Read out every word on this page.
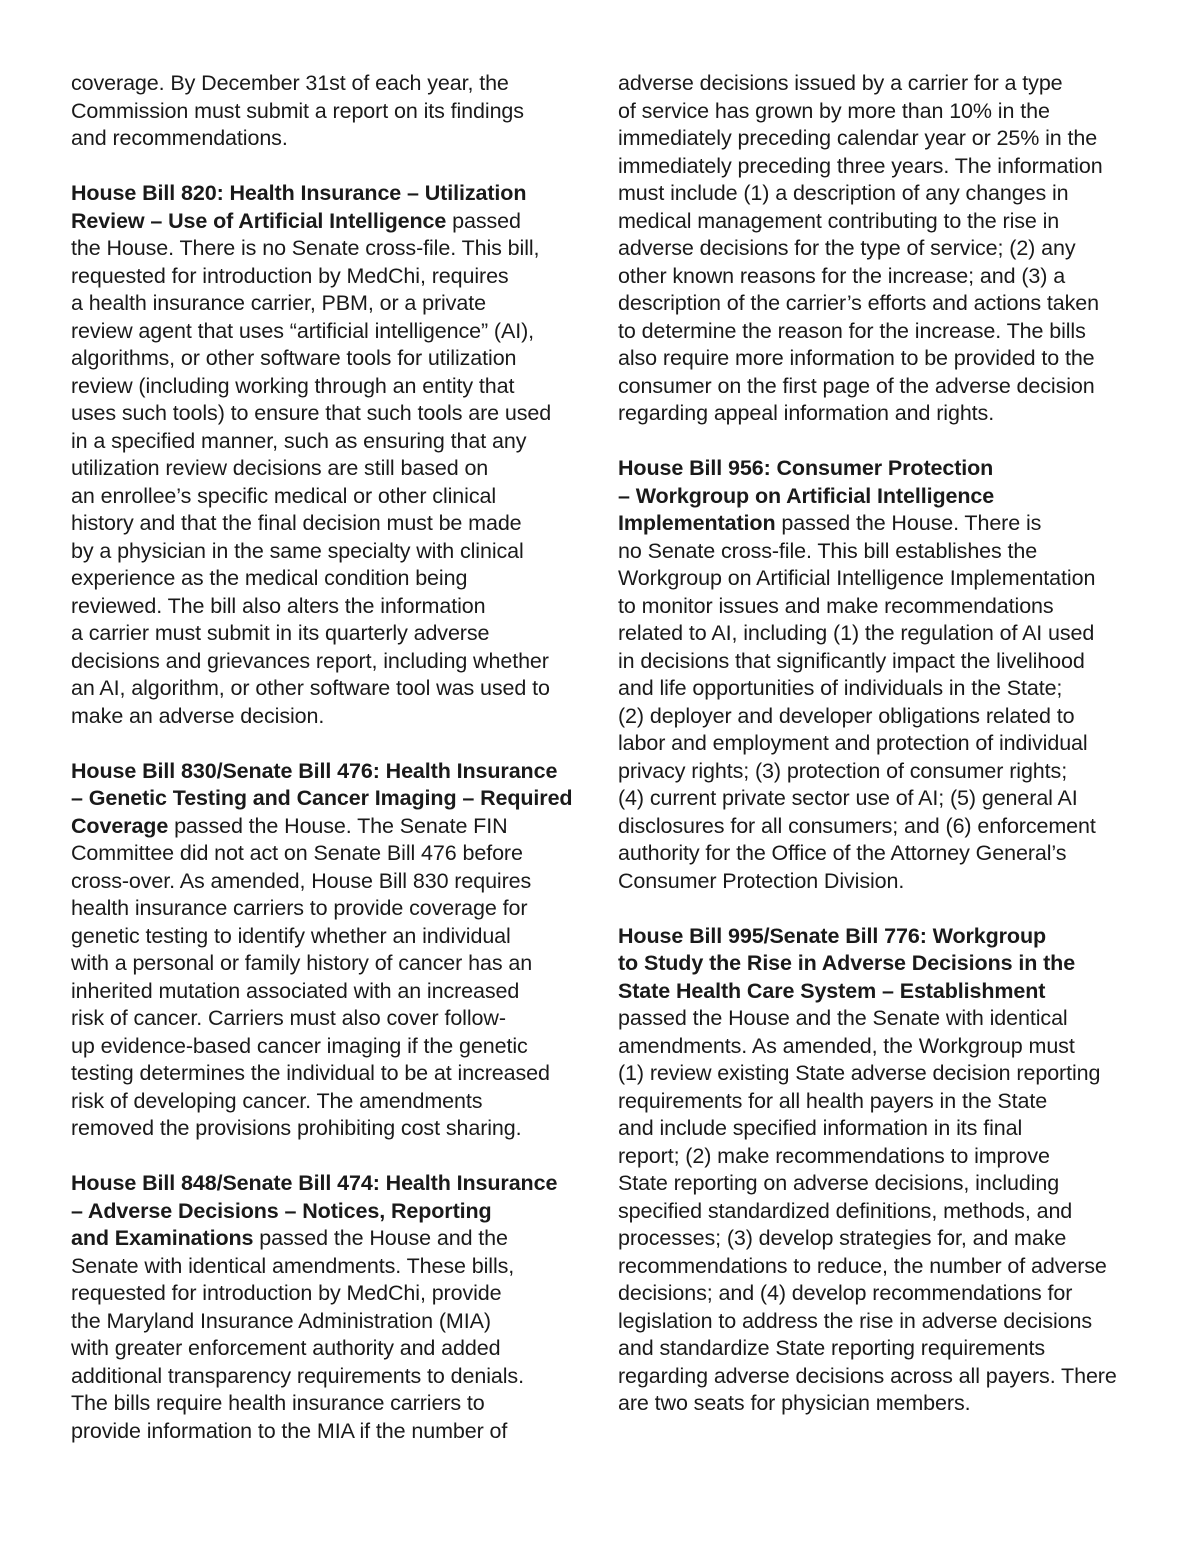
coverage. By December 31st of each year, the
Commission must submit a report on its findings
and recommendations.
House Bill 820: Health Insurance – Utilization
Review – Use of Artificial Intelligence passed
the House. There is no Senate cross-file. This bill,
requested for introduction by MedChi, requires
a health insurance carrier, PBM, or a private
review agent that uses “artificial intelligence” (AI),
algorithms, or other software tools for utilization
review (including working through an entity that
uses such tools) to ensure that such tools are used
in a specified manner, such as ensuring that any
utilization review decisions are still based on
an enrollee’s specific medical or other clinical
history and that the final decision must be made
by a physician in the same specialty with clinical
experience as the medical condition being
reviewed. The bill also alters the information
a carrier must submit in its quarterly adverse
decisions and grievances report, including whether
an AI, algorithm, or other software tool was used to
make an adverse decision.
House Bill 830/Senate Bill 476: Health Insurance
– Genetic Testing and Cancer Imaging – Required
Coverage passed the House. The Senate FIN
Committee did not act on Senate Bill 476 before
cross-over. As amended, House Bill 830 requires
health insurance carriers to provide coverage for
genetic testing to identify whether an individual
with a personal or family history of cancer has an
inherited mutation associated with an increased
risk of cancer. Carriers must also cover follow-
up evidence-based cancer imaging if the genetic
testing determines the individual to be at increased
risk of developing cancer. The amendments
removed the provisions prohibiting cost sharing.
House Bill 848/Senate Bill 474: Health Insurance
– Adverse Decisions – Notices, Reporting
and Examinations passed the House and the
Senate with identical amendments. These bills,
requested for introduction by MedChi, provide
the Maryland Insurance Administration (MIA)
with greater enforcement authority and added
additional transparency requirements to denials.
The bills require health insurance carriers to
provide information to the MIA if the number of
adverse decisions issued by a carrier for a type
of service has grown by more than 10% in the
immediately preceding calendar year or 25% in the
immediately preceding three years. The information
must include (1) a description of any changes in
medical management contributing to the rise in
adverse decisions for the type of service; (2) any
other known reasons for the increase; and (3) a
description of the carrier’s efforts and actions taken
to determine the reason for the increase. The bills
also require more information to be provided to the
consumer on the first page of the adverse decision
regarding appeal information and rights.
House Bill 956: Consumer Protection
– Workgroup on Artificial Intelligence
Implementation passed the House. There is
no Senate cross-file. This bill establishes the
Workgroup on Artificial Intelligence Implementation
to monitor issues and make recommendations
related to AI, including (1) the regulation of AI used
in decisions that significantly impact the livelihood
and life opportunities of individuals in the State;
(2) deployer and developer obligations related to
labor and employment and protection of individual
privacy rights; (3) protection of consumer rights;
(4) current private sector use of AI; (5) general AI
disclosures for all consumers; and (6) enforcement
authority for the Office of the Attorney General’s
Consumer Protection Division.
House Bill 995/Senate Bill 776: Workgroup
to Study the Rise in Adverse Decisions in the
State Health Care System – Establishment
passed the House and the Senate with identical
amendments. As amended, the Workgroup must
(1) review existing State adverse decision reporting
requirements for all health payers in the State
and include specified information in its final
report; (2) make recommendations to improve
State reporting on adverse decisions, including
specified standardized definitions, methods, and
processes; (3) develop strategies for, and make
recommendations to reduce, the number of adverse
decisions; and (4) develop recommendations for
legislation to address the rise in adverse decisions
and standardize State reporting requirements
regarding adverse decisions across all payers. There
are two seats for physician members.
